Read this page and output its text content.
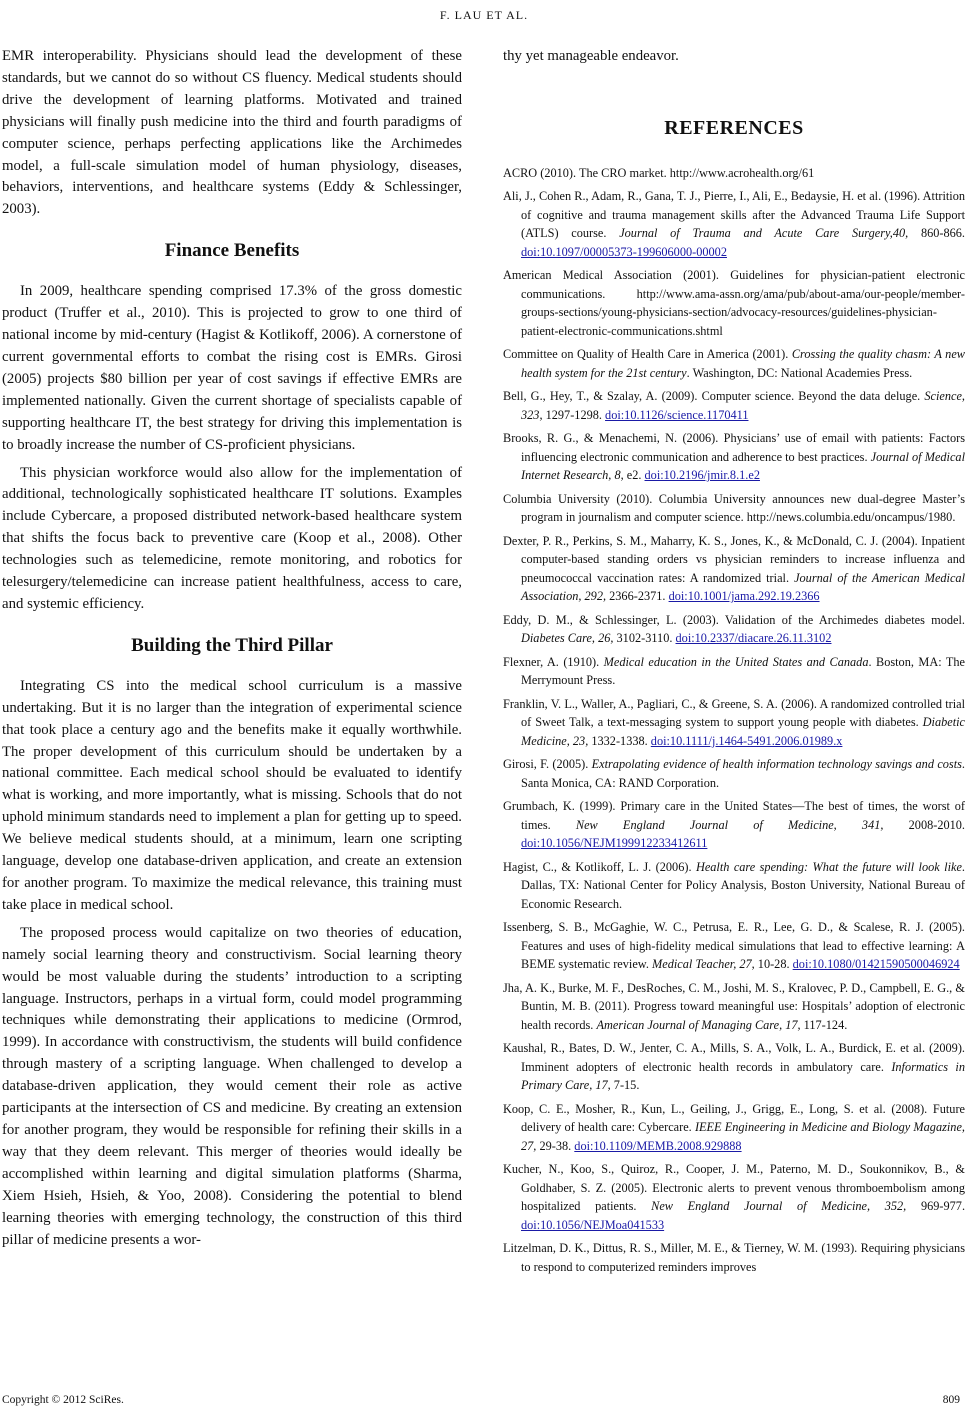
F. LAU ET AL.

EMR interoperability. Physicians should lead the development of these standards, but we cannot do so without CS fluency. Medical students should drive the development of learning platforms. Motivated and trained physicians will finally push medicine into the third and fourth paradigms of computer science, perhaps perfecting applications like the Archimedes model, a full-scale simulation model of human physiology, diseases, behaviors, interventions, and healthcare systems (Eddy & Schlessinger, 2003).

Finance Benefits

In 2009, healthcare spending comprised 17.3% of the gross domestic product (Truffer et al., 2010). This is projected to grow to one third of national income by mid-century (Hagist & Kotlikoff, 2006). A cornerstone of current governmental efforts to combat the rising cost is EMRs. Girosi (2005) projects $80 billion per year of cost savings if effective EMRs are implemented nationally. Given the current shortage of specialists capable of supporting healthcare IT, the best strategy for driving this implementation is to broadly increase the number of CS-proficient physicians.

This physician workforce would also allow for the implementation of additional, technologically sophisticated healthcare IT solutions. Examples include Cybercare, a proposed distributed network-based healthcare system that shifts the focus back to preventive care (Koop et al., 2008). Other technologies such as telemedicine, remote monitoring, and robotics for telesurgery/telemedicine can increase patient healthfulness, access to care, and systemic efficiency.

Building the Third Pillar

Integrating CS into the medical school curriculum is a massive undertaking. But it is no larger than the integration of experimental science that took place a century ago and the benefits make it equally worthwhile. The proper development of this curriculum should be undertaken by a national committee. Each medical school should be evaluated to identify what is working, and more importantly, what is missing. Schools that do not uphold minimum standards need to implement a plan for getting up to speed. We believe medical students should, at a minimum, learn one scripting language, develop one database-driven application, and create an extension for another program. To maximize the medical relevance, this training must take place in medical school.

The proposed process would capitalize on two theories of education, namely social learning theory and constructivism. Social learning theory would be most valuable during the students’ introduction to a scripting language. Instructors, perhaps in a virtual form, could model programming techniques while demonstrating their applications to medicine (Ormrod, 1999). In accordance with constructivism, the students will build confidence through mastery of a scripting language. When challenged to develop a database-driven application, they would cement their role as active participants at the intersection of CS and medicine. By creating an extension for another program, they would be responsible for refining their skills in a way that they deem relevant. This merger of theories would ideally be accomplished within learning and digital simulation platforms (Sharma, Xiem Hsieh, Hsieh, & Yoo, 2008). Considering the potential to blend learning theories with emerging technology, the construction of this third pillar of medicine presents a wor-

thy yet manageable endeavor.

REFERENCES

ACRO (2010). The CRO market. http://www.acrohealth.org/61

Ali, J., Cohen R., Adam, R., Gana, T. J., Pierre, I., Ali, E., Bedaysie, H. et al. (1996). Attrition of cognitive and trauma management skills after the Advanced Trauma Life Support (ATLS) course. Journal of Trauma and Acute Care Surgery,40, 860-866. doi:10.1097/00005373-199606000-00002

American Medical Association (2001). Guidelines for physician-patient electronic communications. http://www.ama-assn.org/ama/pub/about-ama/our-people/member-groups-sections/young-physicians-section/advocacy-resources/guidelines-physician-patient-electronic-communications.shtml

Committee on Quality of Health Care in America (2001). Crossing the quality chasm: A new health system for the 21st century. Washington, DC: National Academies Press.

Bell, G., Hey, T., & Szalay, A. (2009). Computer science. Beyond the data deluge. Science, 323, 1297-1298. doi:10.1126/science.1170411

Brooks, R. G., & Menachemi, N. (2006). Physicians’ use of email with patients: Factors influencing electronic communication and adherence to best practices. Journal of Medical Internet Research, 8, e2. doi:10.2196/jmir.8.1.e2

Columbia University (2010). Columbia University announces new dual-degree Master’s program in journalism and computer science. http://news.columbia.edu/oncampus/1980.

Dexter, P. R., Perkins, S. M., Maharry, K. S., Jones, K., & McDonald, C. J. (2004). Inpatient computer-based standing orders vs physician reminders to increase influenza and pneumococcal vaccination rates: A randomized trial. Journal of the American Medical Association, 292, 2366-2371. doi:10.1001/jama.292.19.2366

Eddy, D. M., & Schlessinger, L. (2003). Validation of the Archimedes diabetes model. Diabetes Care, 26, 3102-3110. doi:10.2337/diacare.26.11.3102

Flexner, A. (1910). Medical education in the United States and Canada. Boston, MA: The Merrymount Press.

Franklin, V. L., Waller, A., Pagliari, C., & Greene, S. A. (2006). A randomized controlled trial of Sweet Talk, a text-messaging system to support young people with diabetes. Diabetic Medicine, 23, 1332-1338. doi:10.1111/j.1464-5491.2006.01989.x

Girosi, F. (2005). Extrapolating evidence of health information technology savings and costs. Santa Monica, CA: RAND Corporation.

Grumbach, K. (1999). Primary care in the United States—The best of times, the worst of times. New England Journal of Medicine, 341, 2008-2010. doi:10.1056/NEJM199912233412611

Hagist, C., & Kotlikoff, L. J. (2006). Health care spending: What the future will look like. Dallas, TX: National Center for Policy Analysis, Boston University, National Bureau of Economic Research.

Issenberg, S. B., McGaghie, W. C., Petrusa, E. R., Lee, G. D., & Scalese, R. J. (2005). Features and uses of high-fidelity medical simulations that lead to effective learning: A BEME systematic review. Medical Teacher, 27, 10-28. doi:10.1080/01421590500046924

Jha, A. K., Burke, M. F., DesRoches, C. M., Joshi, M. S., Kralovec, P. D., Campbell, E. G., & Buntin, M. B. (2011). Progress toward meaningful use: Hospitals’ adoption of electronic health records. American Journal of Managing Care, 17, 117-124.

Kaushal, R., Bates, D. W., Jenter, C. A., Mills, S. A., Volk, L. A., Burdick, E. et al. (2009). Imminent adopters of electronic health records in ambulatory care. Informatics in Primary Care, 17, 7-15.

Koop, C. E., Mosher, R., Kun, L., Geiling, J., Grigg, E., Long, S. et al. (2008). Future delivery of health care: Cybercare. IEEE Engineering in Medicine and Biology Magazine, 27, 29-38. doi:10.1109/MEMB.2008.929888

Kucher, N., Koo, S., Quiroz, R., Cooper, J. M., Paterno, M. D., Soukonnikov, B., & Goldhaber, S. Z. (2005). Electronic alerts to prevent venous thromboembolism among hospitalized patients. New England Journal of Medicine, 352, 969-977. doi:10.1056/NEJMoa041533

Litzelman, D. K., Dittus, R. S., Miller, M. E., & Tierney, W. M. (1993). Requiring physicians to respond to computerized reminders improves

Copyright © 2012 SciRes.	809
